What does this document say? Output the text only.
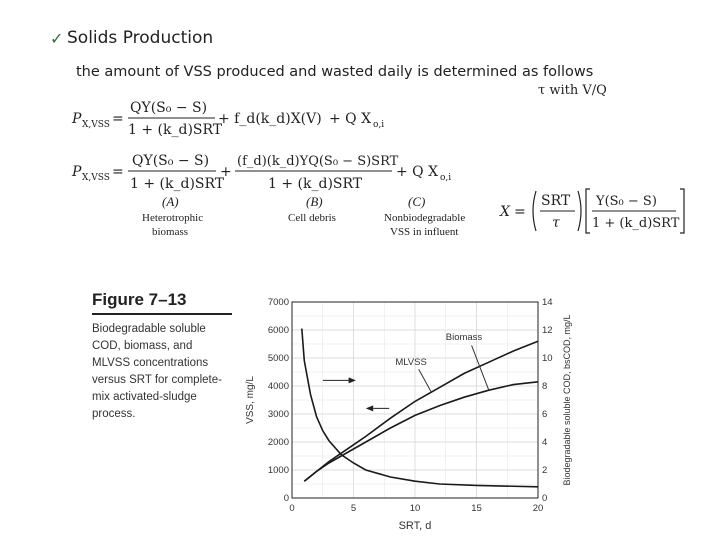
✓ Solids Production
the amount of VSS produced and wasted daily is determined as follows
τ with V/Q
P X,VSS =
QY(S₀ − S)
1 + (k_d)SRT
+ f_d(k_d)X(V) + Q X o,i
P X,VSS =
QY(S₀ − S)
1 + (k_d)SRT
+
(f_d)(k_d)YQ(S₀ − S)SRT
1 + (k_d)SRT
+ Q X o,i
(A)
Heterotrophic
biomass
(B)
Cell debris
(C)
Nonbiodegradable
VSS in influent
X =
SRT
τ
Y(S₀ − S)
1 + (k_d)SRT
Figure 7–13
Biodegradable soluble
COD, biomass, and
MLVSS concentrations
versus SRT for complete-
mix activated-sludge
process.
0	5	10	15	20
0
1000
2000
3000
4000
5000
6000
7000
0
2
4
6
8
10
12
14
Biomass
MLVSS
SRT, d
VSS, mg/L	Biodegradable soluble COD, bsCOD, mg/L
